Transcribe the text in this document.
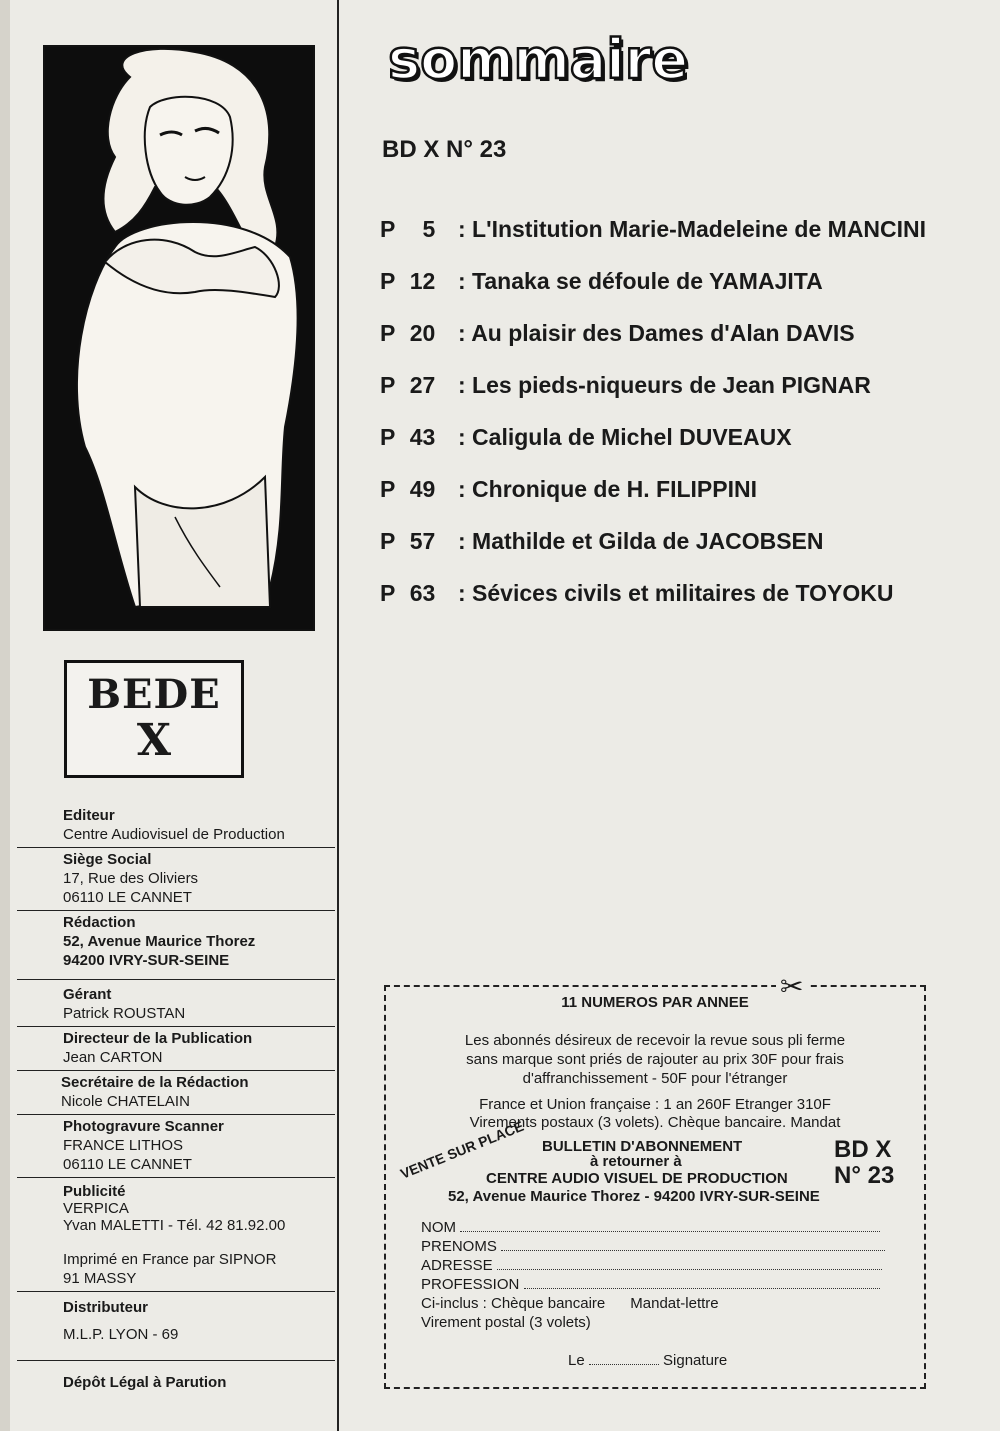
BEDE
X
Editeur
Centre Audiovisuel de Production
Siège Social
17, Rue des Oliviers
06110 LE CANNET
Rédaction
52, Avenue Maurice Thorez
94200 IVRY-SUR-SEINE
Gérant
Patrick ROUSTAN
Directeur de la Publication
Jean CARTON
Secrétaire de la Rédaction
Nicole CHATELAIN
Photogravure Scanner
FRANCE LITHOS
06110 LE CANNET
Publicité
VERPICA
Yvan MALETTI - Tél. 42 81.92.00
Imprimé en France par SIPNOR
91 MASSY
Distributeur
M.L.P. LYON - 69
Dépôt Légal à Parution
sommaire
BD X N° 23
P 5 : L'Institution Marie-Madeleine de MANCINI
P 12 : Tanaka se défoule de YAMAJITA
P 20 : Au plaisir des Dames d'Alan DAVIS
P 27 : Les pieds-niqueurs de Jean PIGNAR
P 43 : Caligula de Michel DUVEAUX
P 49 : Chronique de H. FILIPPINI
P 57 : Mathilde et Gilda de JACOBSEN
P 63 : Sévices civils et militaires de TOYOKU
11 NUMEROS PAR ANNEE
Les abonnés désireux de recevoir la revue sous pli ferme
sans marque sont priés de rajouter au prix 30F pour frais
d'affranchissement - 50F pour l'étranger
France et Union française : 1 an 260F Etranger 310F
Virements postaux (3 volets). Chèque bancaire. Mandat
BULLETIN D'ABONNEMENT
à retourner à
CENTRE AUDIO VISUEL DE PRODUCTION
52, Avenue Maurice Thorez - 94200 IVRY-SUR-SEINE
BD X
N° 23
VENTE SUR PLACE
NOM
PRENOMS
ADRESSE
PROFESSION
Ci-inclus : Chèque bancaire      Mandat-lettre
Virement postal (3 volets)
Le	Signature
✂
